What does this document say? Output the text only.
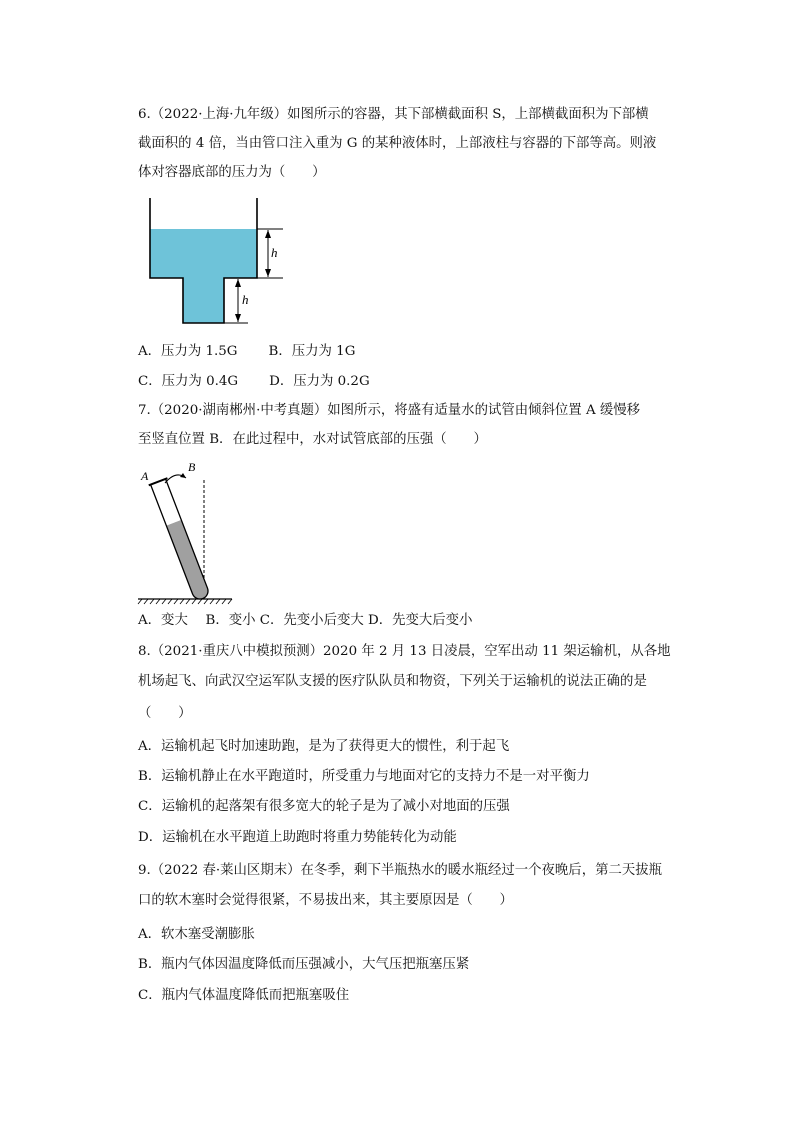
6.（2022·上海·九年级）如图所示的容器，其下部横截面积 S，上部横截面积为下部横
截面积的 4 倍，当由管口注入重为 G 的某种液体时，上部液柱与容器的下部等高。则液
体对容器底部的压力为（　　）
h
h
A．压力为 1.5G　　 B．压力为 1G
C．压力为 0.4G　　 D．压力为 0.2G
7.（2020·湖南郴州·中考真题）如图所示，将盛有适量水的试管由倾斜位置 A 缓慢移
至竖直位置 B．在此过程中，水对试管底部的压强（　　）
A
B
A．变大　 B．变小 C．先变小后变大 D．先变大后变小
8.（2021·重庆八中模拟预测）2020 年 2 月 13 日凌晨，空军出动 11 架运输机，从各地
机场起飞、向武汉空运军队支援的医疗队队员和物资，下列关于运输机的说法正确的是
（　　）
A．运输机起飞时加速助跑，是为了获得更大的惯性，利于起飞
B．运输机静止在水平跑道时，所受重力与地面对它的支持力不是一对平衡力
C．运输机的起落架有很多宽大的轮子是为了减小对地面的压强
D．运输机在水平跑道上助跑时将重力势能转化为动能
9.（2022 春·莱山区期末）在冬季，剩下半瓶热水的暖水瓶经过一个夜晚后，第二天拔瓶
口的软木塞时会觉得很紧，不易拔出来，其主要原因是（　　）
A．软木塞受潮膨胀
B．瓶内气体因温度降低而压强减小，大气压把瓶塞压紧
C．瓶内气体温度降低而把瓶塞吸住
